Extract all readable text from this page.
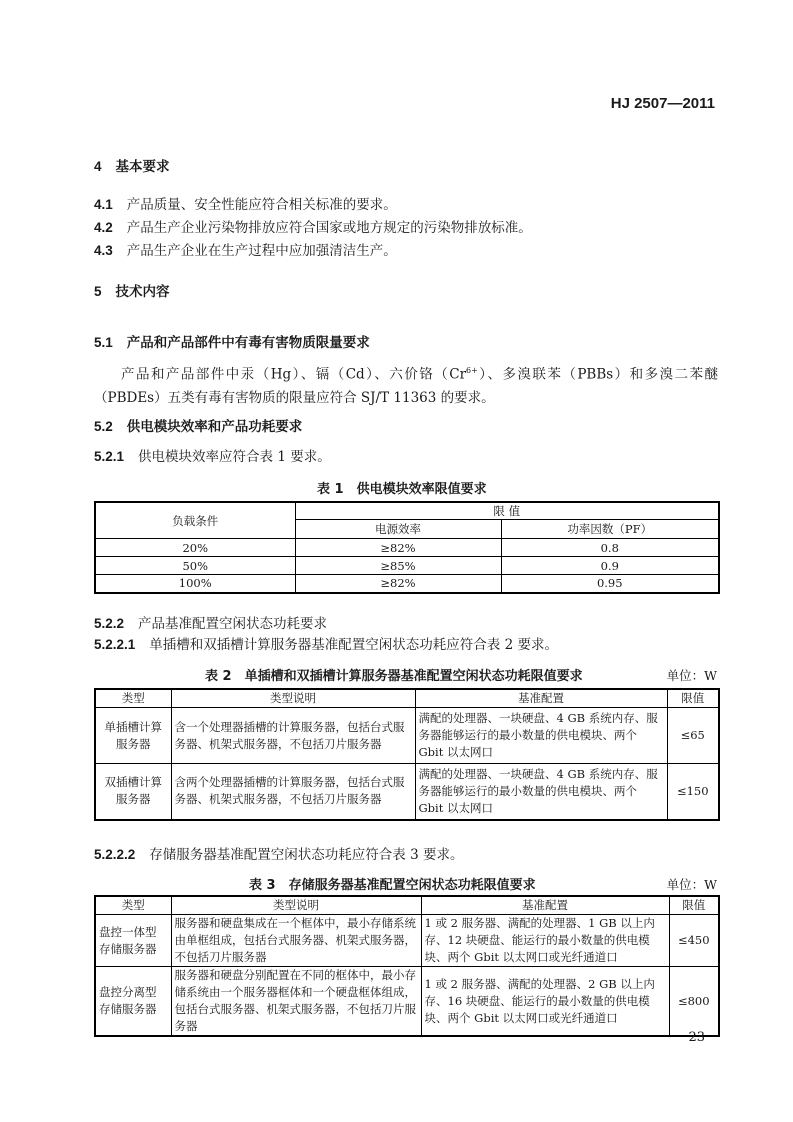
HJ 2507—2011
4 基本要求
4.1 产品质量、安全性能应符合相关标准的要求。
4.2 产品生产企业污染物排放应符合国家或地方规定的污染物排放标准。
4.3 产品生产企业在生产过程中应加强清洁生产。
5 技术内容
5.1 产品和产品部件中有毒有害物质限量要求
产品和产品部件中汞（Hg）、镉（Cd）、六价铬$(Cr^{6+})$、多溴联苯（PBBs）和多溴二苯醚（PBDEs）五类有毒有害物质的限量应符合 SJ/T 11363 的要求。
5.2 供电模块效率和产品功耗要求
5.2.1 供电模块效率应符合表 1 要求。
表 1　供电模块效率限值要求
负载条件	限 值	
	电源效率	功率因数（PF）
20%	≥82%	0.8
50%	≥85%	0.9
100%	≥82%	0.95
5.2.2 产品基准配置空闲状态功耗要求
5.2.2.1 单插槽和双插槽计算服务器基准配置空闲状态功耗应符合表 2 要求。
表 2　单插槽和双插槽计算服务器基准配置空闲状态功耗限值要求	单位：W
类型	类型说明	基准配置	限值
单插槽计算服务器	含一个处理器插槽的计算服务器，包括台式服务器、机架式服务器，不包括刀片服务器	满配的处理器、一块硬盘、4 GB 系统内存、服务器能够运行的最小数量的供电模块、两个 Gbit 以太网口	≤65
双插槽计算服务器	含两个处理器插槽的计算服务器，包括台式服务器、机架式服务器，不包括刀片服务器	满配的处理器、一块硬盘、4 GB 系统内存、服务器能够运行的最小数量的供电模块、两个 Gbit 以太网口	≤150
5.2.2.2 存储服务器基准配置空闲状态功耗应符合表 3 要求。
表 3　存储服务器基准配置空闲状态功耗限值要求	单位：W
类型	类型说明	基准配置	限值
盘控一体型存储服务器	服务器和硬盘集成在一个框体中，最小存储系统由单框组成，包括台式服务器、机架式服务器，不包括刀片服务器	1 或 2 服务器、满配的处理器、1 GB 以上内存、12 块硬盘、能运行的最小数量的供电模块、两个 Gbit 以太网口或光纤通道口	≤450
盘控分离型存储服务器	服务器和硬盘分别配置在不同的框体中，最小存储系统由一个服务器框体和一个硬盘框体组成，包括台式服务器、机架式服务器，不包括刀片服务器	1 或 2 服务器、满配的处理器、2 GB 以上内存、16 块硬盘、能运行的最小数量的供电模块、两个 Gbit 以太网口或光纤通道口	≤800
23
